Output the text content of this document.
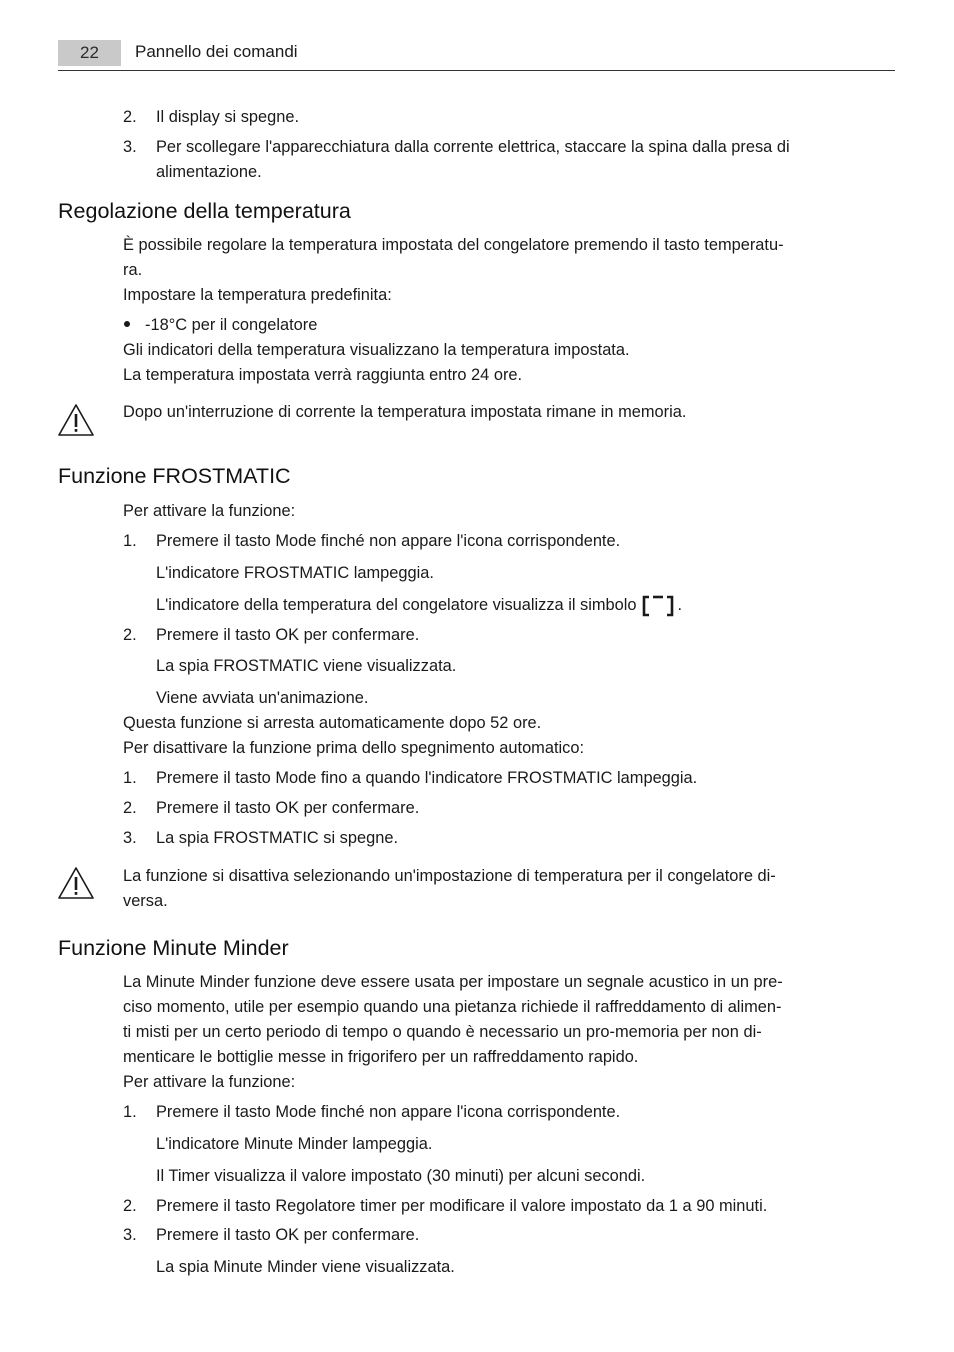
22	Pannello dei comandi
2. Il display si spegne.
3. Per scollegare l'apparecchiatura dalla corrente elettrica, staccare la spina dalla presa di
alimentazione.
Regolazione della temperatura
È possibile regolare la temperatura impostata del congelatore premendo il tasto temperatu-
ra.
Impostare la temperatura predefinita:
-18°C per il congelatore
Gli indicatori della temperatura visualizzano la temperatura impostata.
La temperatura impostata verrà raggiunta entro 24 ore.
Dopo un'interruzione di corrente la temperatura impostata rimane in memoria.
Funzione FROSTMATIC
Per attivare la funzione:
1. Premere il tasto Mode finché non appare l'icona corrispondente.
L'indicatore FROSTMATIC lampeggia.
L'indicatore della temperatura del congelatore visualizza il simbolo	.
2. Premere il tasto OK per confermare.
La spia FROSTMATIC viene visualizzata.
Viene avviata un'animazione.
Questa funzione si arresta automaticamente dopo 52 ore.
Per disattivare la funzione prima dello spegnimento automatico:
1. Premere il tasto Mode fino a quando l'indicatore FROSTMATIC lampeggia.
2. Premere il tasto OK per confermare.
3. La spia FROSTMATIC si spegne.
La funzione si disattiva selezionando un'impostazione di temperatura per il congelatore di-
versa.
Funzione Minute Minder
La Minute Minder funzione deve essere usata per impostare un segnale acustico in un pre-
ciso momento, utile per esempio quando una pietanza richiede il raffreddamento di alimen-
ti misti per un certo periodo di tempo o quando è necessario un pro-memoria per non di-
menticare le bottiglie messe in frigorifero per un raffreddamento rapido.
Per attivare la funzione:
1. Premere il tasto Mode finché non appare l'icona corrispondente.
L'indicatore Minute Minder lampeggia.
Il Timer visualizza il valore impostato (30 minuti) per alcuni secondi.
2. Premere il tasto Regolatore timer per modificare il valore impostato da 1 a 90 minuti.
3. Premere il tasto OK per confermare.
La spia Minute Minder viene visualizzata.
